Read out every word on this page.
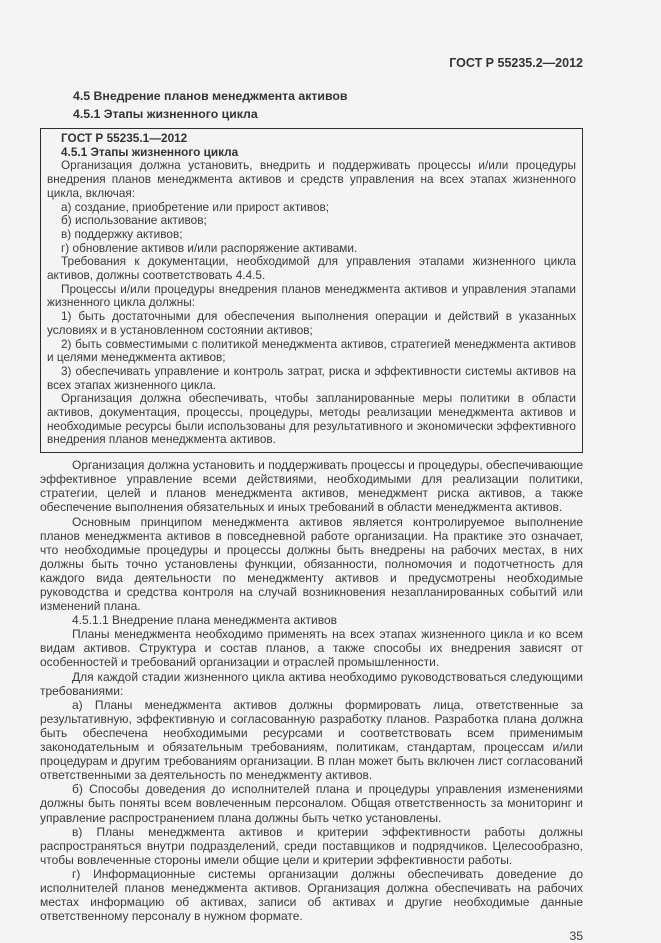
ГОСТ Р 55235.2—2012
4.5 Внедрение планов менеджмента активов
4.5.1 Этапы жизненного цикла

ГОСТ Р 55235.1—2012

4.5.1 Этапы жизненного цикла

Организация должна установить, внедрить и поддерживать процессы и/или процедуры внедрения планов менеджмента активов и средств управления на всех этапах жизненного цикла, включая:

а) создание, приобретение или прирост активов;

б) использование активов;

в) поддержку активов;

г) обновление активов и/или распоряжение активами.

Требования к документации, необходимой для управления этапами жизненного цикла активов, должны соответствовать 4.4.5.

Процессы и/или процедуры внедрения планов менеджмента активов и управления этапами жизненного цикла должны:

1) быть достаточными для обеспечения выполнения операции и действий в указанных условиях и в установленном состоянии активов;

2) быть совместимыми с политикой менеджмента активов, стратегией менеджмента активов и целями менеджмента активов;

3) обеспечивать управление и контроль затрат, риска и эффективности системы активов на всех этапах жизненного цикла.

Организация должна обеспечивать, чтобы запланированные меры политики в области активов, документация, процессы, процедуры, методы реализации менеджмента активов и необходимые ресурсы были использованы для результативного и экономически эффективного внедрения планов менеджмента активов.

Организация должна установить и поддерживать процессы и процедуры, обеспечивающие эффективное управление всеми действиями, необходимыми для реализации политики, стратегии, целей и планов менеджмента активов, менеджмент риска активов, а также обеспечение выполнения обязательных и иных требований в области менеджмента активов.

Основным принципом менеджмента активов является контролируемое выполнение планов менеджмента активов в повседневной работе организации. На практике это означает, что необходимые процедуры и процессы должны быть внедрены на рабочих местах, в них должны быть точно установлены функции, обязанности, полномочия и подотчетность для каждого вида деятельности по менеджменту активов и предусмотрены необходимые руководства и средства контроля на случай возникновения незапланированных событий или изменений плана.

4.5.1.1 Внедрение плана менеджмента активов

Планы менеджмента необходимо применять на всех этапах жизненного цикла и ко всем видам активов. Структура и состав планов, а также способы их внедрения зависят от особенностей и требований организации и отраслей промышленности.

Для каждой стадии жизненного цикла актива необходимо руководствоваться следующими требованиями:

а) Планы менеджмента активов должны формировать лица, ответственные за результативную, эффективную и согласованную разработку планов. Разработка плана должна быть обеспечена необходимыми ресурсами и соответствовать всем применимым законодательным и обязательным требованиям, политикам, стандартам, процессам и/или процедурам и другим требованиям организации. В план может быть включен лист согласований ответственными за деятельность по менеджменту активов.

б) Способы доведения до исполнителей плана и процедуры управления изменениями должны быть поняты всем вовлеченным персоналом. Общая ответственность за мониторинг и управление распространением плана должны быть четко установлены.

в) Планы менеджмента активов и критерии эффективности работы должны распространяться внутри подразделений, среди поставщиков и подрядчиков. Целесообразно, чтобы вовлеченные стороны имели общие цели и критерии эффективности работы.

г) Информационные системы организации должны обеспечивать доведение до исполнителей планов менеджмента активов. Организация должна обеспечивать на рабочих местах информацию об активах, записи об активах и другие необходимые данные ответственному персоналу в нужном формате.

35
